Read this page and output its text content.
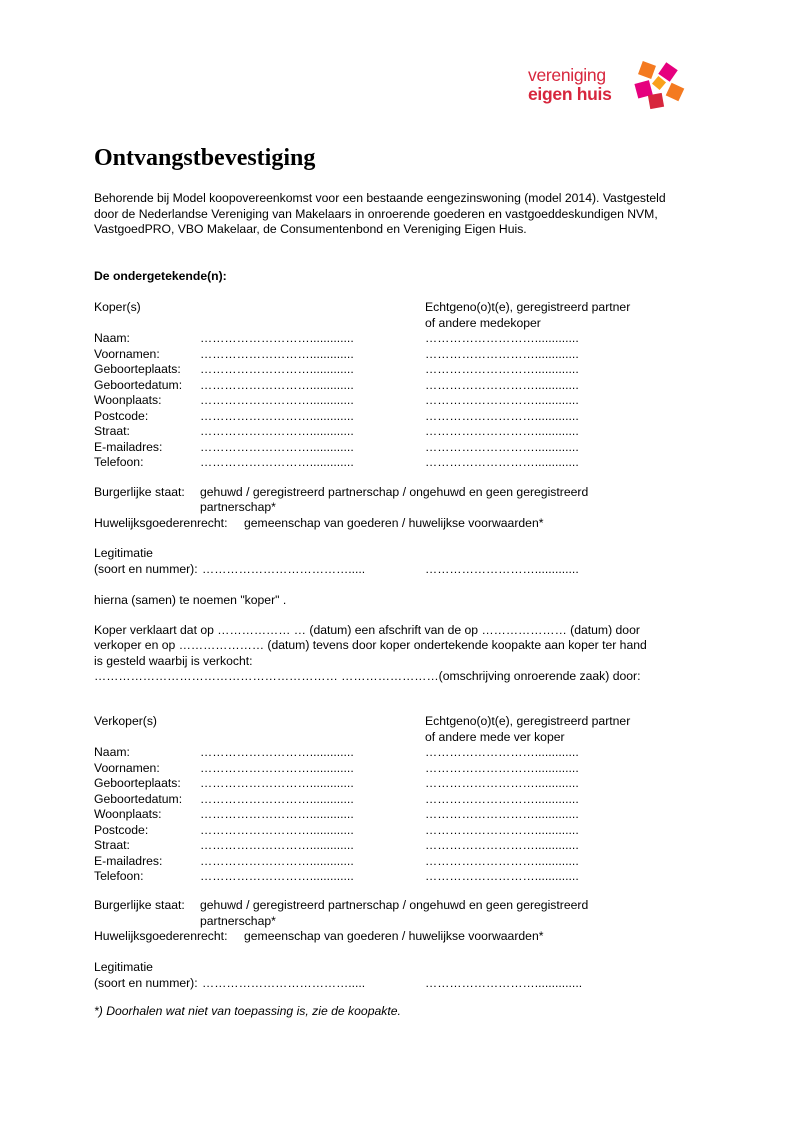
vereniging
eigen huis
Ontvangstbevestiging
Behorende bij Model koopovereenkomst voor een bestaande eengezinswoning (model 2014). Vastgesteld door de Nederlandse Vereniging van Makelaars in onroerende goederen en vastgoeddeskundigen NVM, VastgoedPRO, VBO Makelaar, de Consumentenbond en Vereniging Eigen Huis.
De ondergetekende(n):
Koper(s)	Echtgeno(o)t(e), geregistreerd partner
of andere medekoper
Naam:	……………………….............	……………………….............
Voornamen:	……………………….............	……………………….............
Geboorteplaats: ……………………….............	……………………….............
Geboortedatum: ……………………….............	……………………….............
Woonplaats:	……………………….............	……………………….............
Postcode:	……………………….............	……………………….............
Straat:	……………………….............	……………………….............
E-mailadres:	……………………….............	……………………….............
Telefoon:	……………………….............	……………………….............
Burgerlijke staat: gehuwd / geregistreerd partnerschap / ongehuwd en geen geregistreerd
partnerschap*
Huwelijksgoederenrecht: gemeenschap van goederen / huwelijkse voorwaarden*
Legitimatie
(soort en nummer): ……………………………….....	……………………….............
hierna (samen) te noemen "koper" .
Koper verklaart dat op ……………… … (datum) een afschrift van de op ………………… (datum) door
verkoper en op ………………… (datum) tevens door koper ondertekende koopakte aan koper ter hand
is gesteld waarbij is verkocht:
…………………………………………………… ……………………(omschrijving onroerende zaak) door:
Verkoper(s)	Echtgeno(o)t(e), geregistreerd partner
of andere mede ver koper
Naam:	……………………….............	……………………….............
Voornamen:	……………………….............	……………………….............
Geboorteplaats: ……………………….............	……………………….............
Geboortedatum: ……………………….............	……………………….............
Woonplaats:	……………………….............	……………………….............
Postcode:	……………………….............	……………………….............
Straat:	……………………….............	……………………….............
E-mailadres:	……………………….............	……………………….............
Telefoon:	……………………….............	……………………….............
Burgerlijke staat: gehuwd / geregistreerd partnerschap / ongehuwd en geen geregistreerd
partnerschap*
Huwelijksgoederenrecht: gemeenschap van goederen / huwelijkse voorwaarden*
Legitimatie
(soort en nummer): ……………………………….....	………………………..............
*) Doorhalen wat niet van toepassing is, zie de koopakte.
